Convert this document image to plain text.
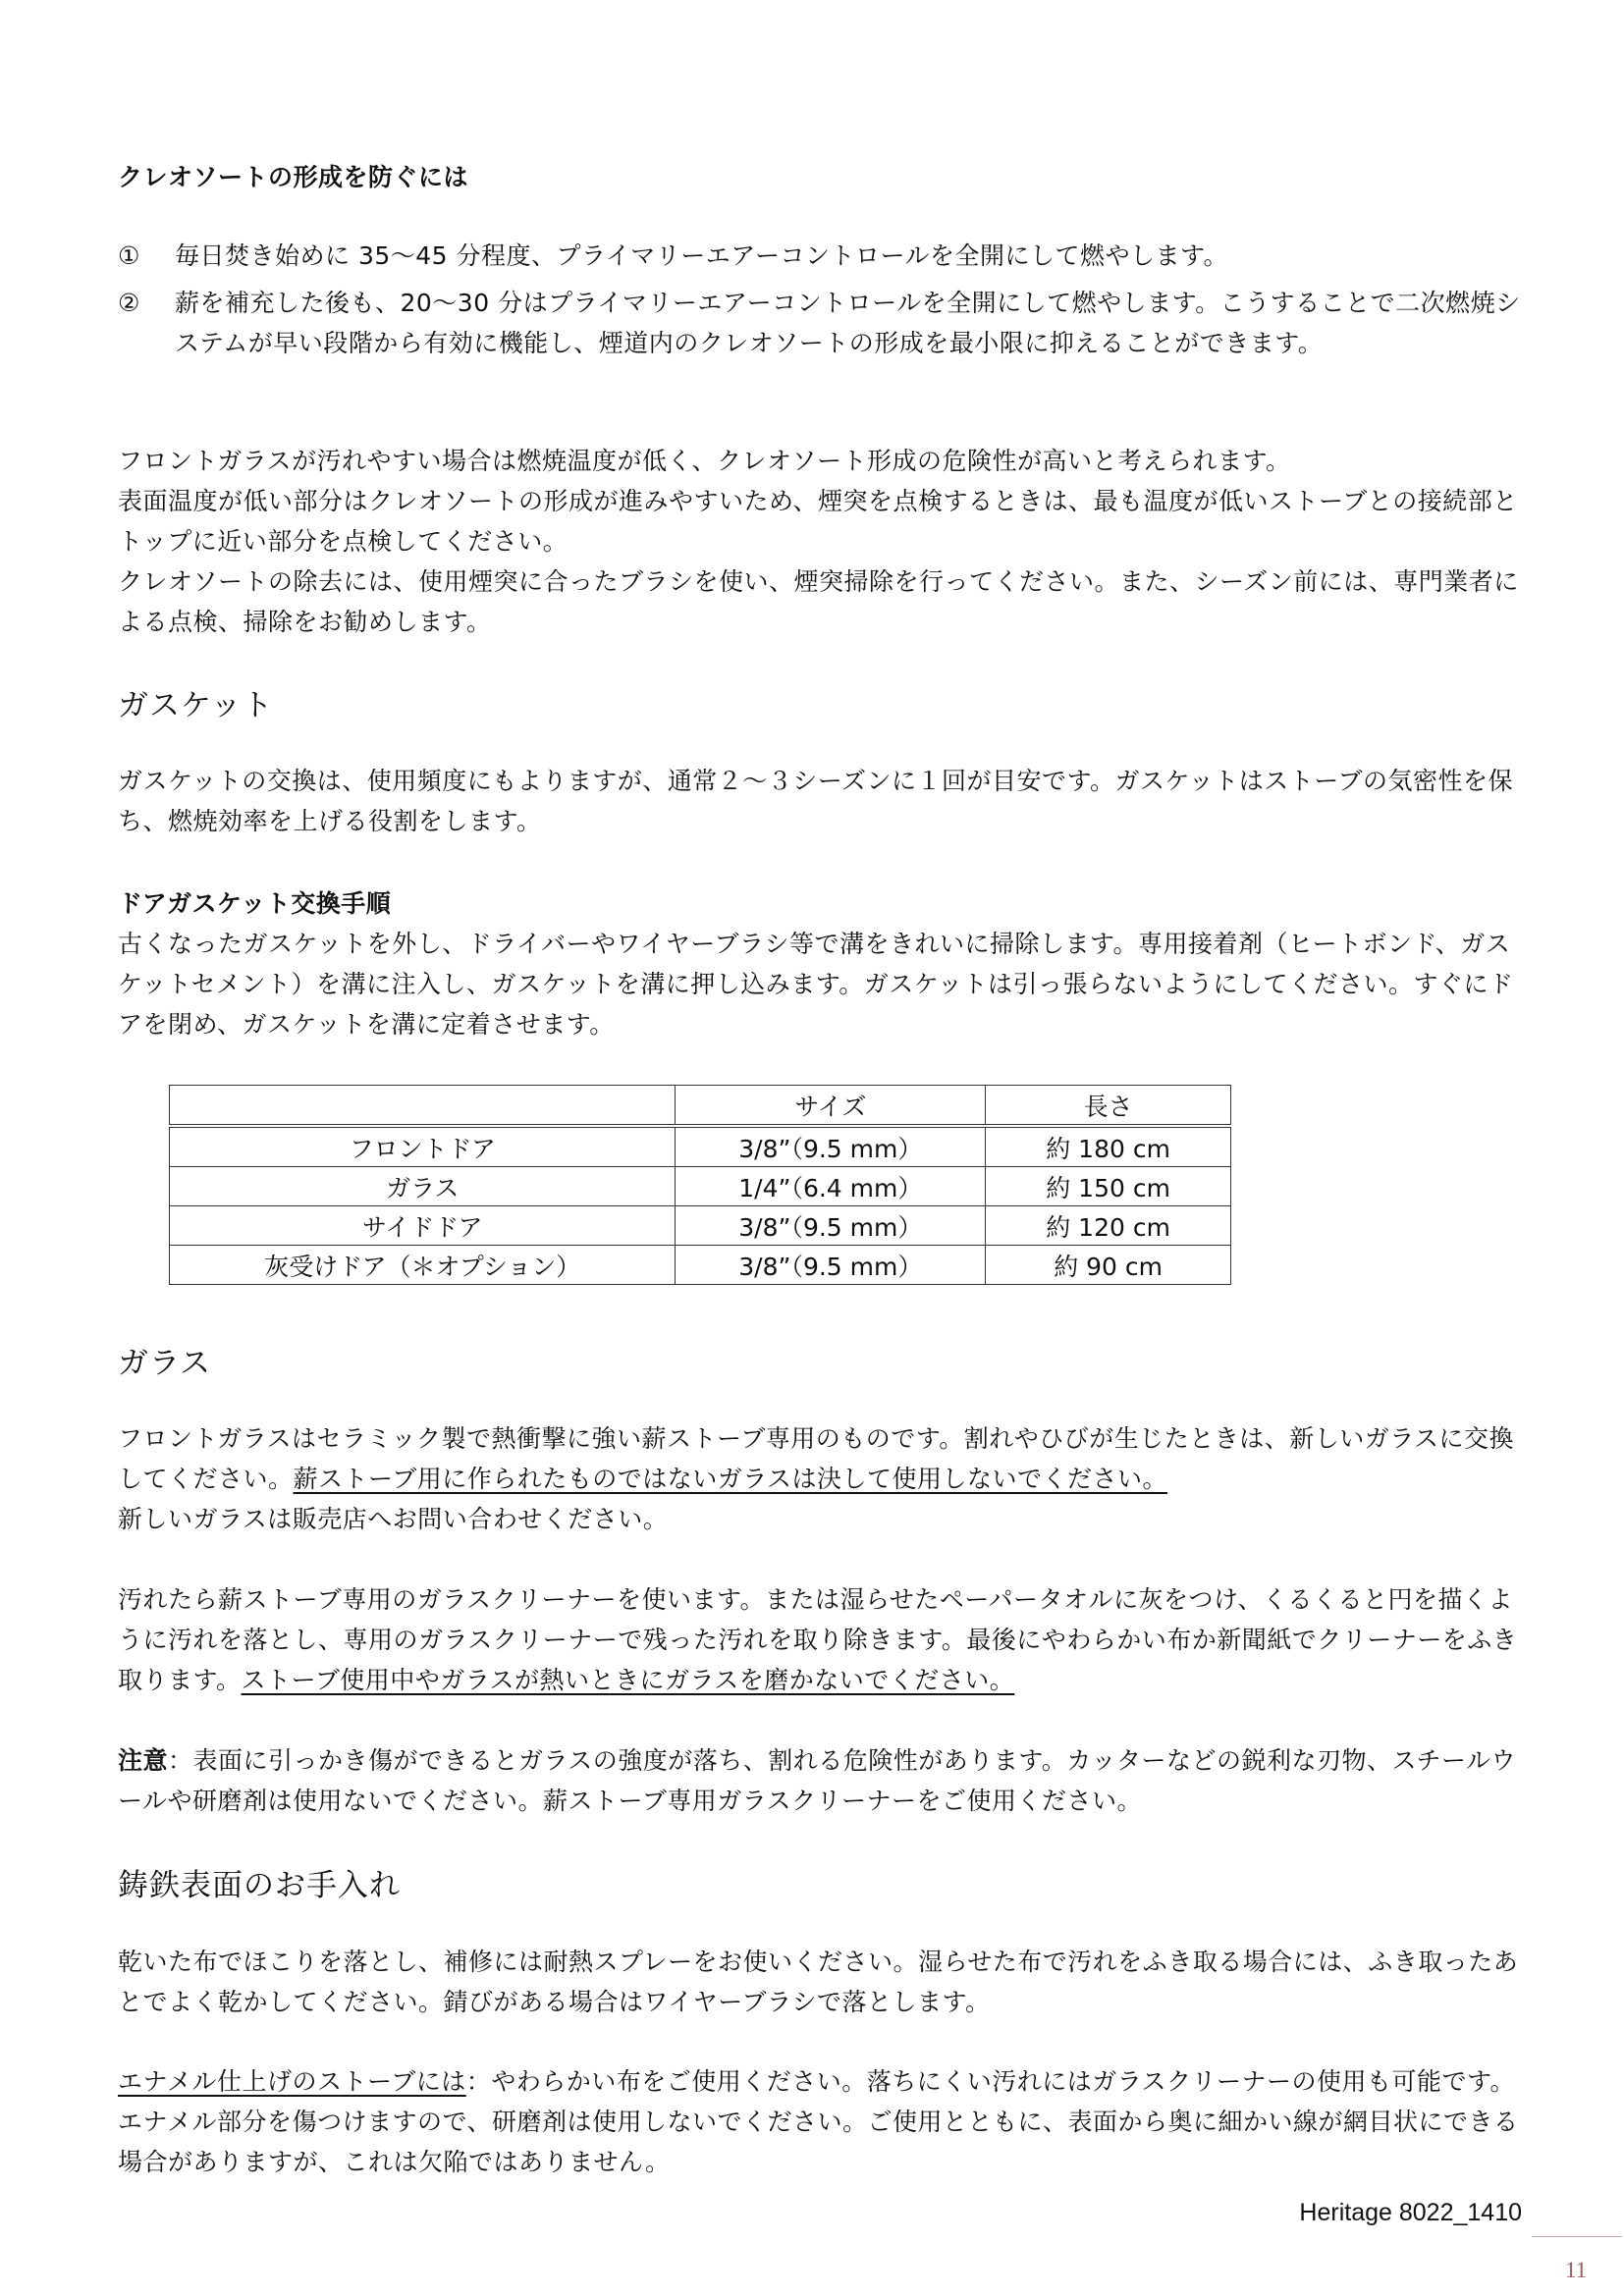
クレオソートの形成を防ぐには

①	毎日焚き始めに 35〜45 分程度、プライマリーエアーコントロールを全開にして燃やします。
②	薪を補充した後も、20〜30 分はプライマリーエアーコントロールを全開にして燃やします。こうすることで二次燃焼システムが早い段階から有効に機能し、煙道内のクレオソートの形成を最小限に抑えることができます。

フロントガラスが汚れやすい場合は燃焼温度が低く、クレオソート形成の危険性が高いと考えられます。

表面温度が低い部分はクレオソートの形成が進みやすいため、煙突を点検するときは、最も温度が低いストーブとの接続部とトップに近い部分を点検してください。

クレオソートの除去には、使用煙突に合ったブラシを使い、煙突掃除を行ってください。また、シーズン前には、専門業者による点検、掃除をお勧めします。

ガスケット

ガスケットの交換は、使用頻度にもよりますが、通常２～３シーズンに１回が目安です。ガスケットはストーブの気密性を保ち、燃焼効率を上げる役割をします。

ドアガスケット交換手順

古くなったガスケットを外し、ドライバーやワイヤーブラシ等で溝をきれいに掃除します。専用接着剤（ヒートボンド、ガスケットセメント）を溝に注入し、ガスケットを溝に押し込みます。ガスケットは引っ張らないようにしてください。すぐにドアを閉め、ガスケットを溝に定着させます。

	サイズ	長さ
フロントドア	3/8”（9.5 mm）	約 180 cm
ガラス	1/4”（6.4 mm）	約 150 cm
サイドドア	3/8”（9.5 mm）	約 120 cm
灰受けドア（＊オプション）	3/8”（9.5 mm）	約 90 cm

ガラス

フロントガラスはセラミック製で熱衝撃に強い薪ストーブ専用のものです。割れやひびが生じたときは、新しいガラスに交換してください。薪ストーブ用に作られたものではないガラスは決して使用しないでください。
新しいガラスは販売店へお問い合わせください。

汚れたら薪ストーブ専用のガラスクリーナーを使います。または湿らせたペーパータオルに灰をつけ、くるくると円を描くように汚れを落とし、専用のガラスクリーナーで残った汚れを取り除きます。最後にやわらかい布か新聞紙でクリーナーをふき取ります。ストーブ使用中やガラスが熱いときにガラスを磨かないでください。

注意：表面に引っかき傷ができるとガラスの強度が落ち、割れる危険性があります。カッターなどの鋭利な刃物、スチールウールや研磨剤は使用ないでください。薪ストーブ専用ガラスクリーナーをご使用ください。

鋳鉄表面のお手入れ

乾いた布でほこりを落とし、補修には耐熱スプレーをお使いください。湿らせた布で汚れをふき取る場合には、ふき取ったあとでよく乾かしてください。錆びがある場合はワイヤーブラシで落とします。

エナメル仕上げのストーブには：やわらかい布をご使用ください。落ちにくい汚れにはガラスクリーナーの使用も可能です。エナメル部分を傷つけますので、研磨剤は使用しないでください。ご使用とともに、表面から奥に細かい線が網目状にできる場合がありますが、これは欠陥ではありません。

Heritage 8022_1410
11
